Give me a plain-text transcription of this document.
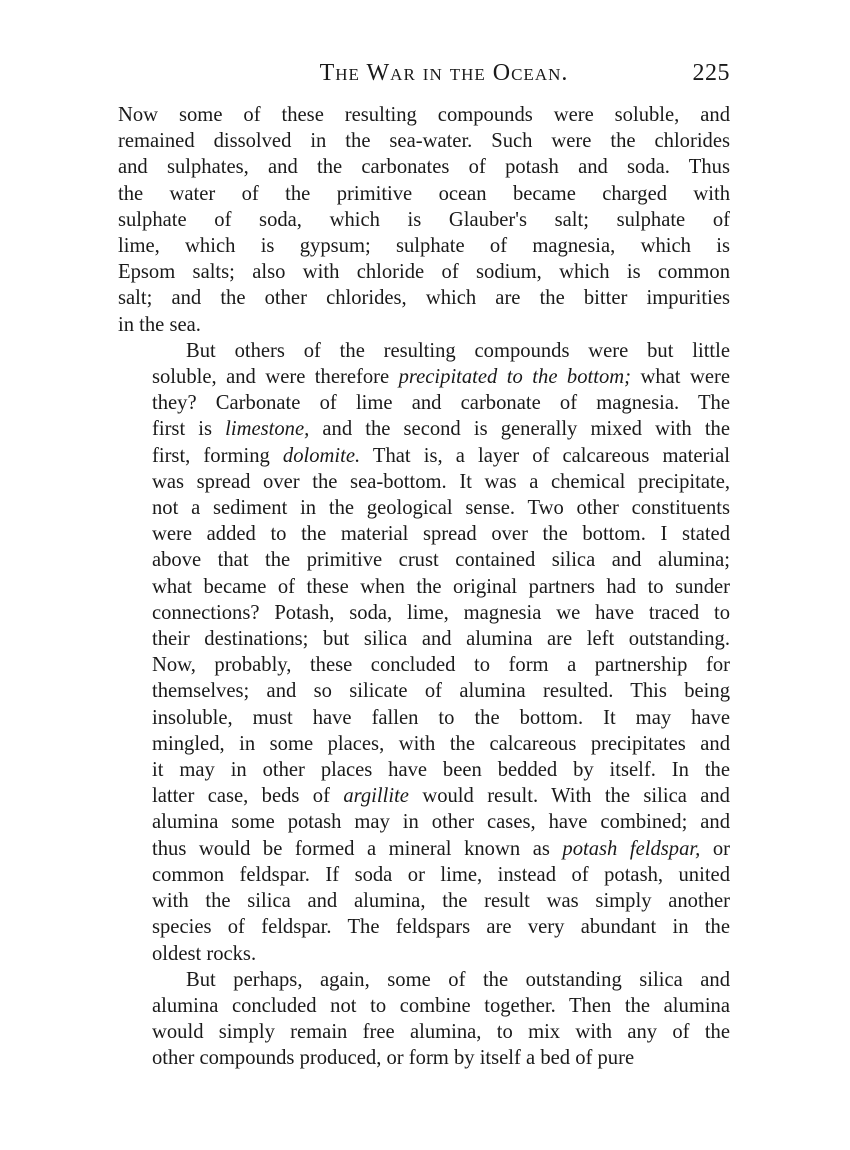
The War in the Ocean.	225
Now some of these resulting compounds were soluble, and
remained dissolved in the sea-water. Such were the chlorides
and sulphates, and the carbonates of potash and soda. Thus
the water of the primitive ocean became charged with
sulphate of soda, which is Glauber's salt; sulphate of
lime, which is gypsum; sulphate of magnesia, which is
Epsom salts; also with chloride of sodium, which is common
salt; and the other chlorides, which are the bitter impurities
in the sea.
But others of the resulting compounds were but little
soluble, and were therefore precipitated to the bottom; what were
they? Carbonate of lime and carbonate of magnesia. The
first is limestone, and the second is generally mixed with the
first, forming dolomite. That is, a layer of calcareous material
was spread over the sea-bottom. It was a chemical precipitate,
not a sediment in the geological sense. Two other constituents
were added to the material spread over the bottom. I stated
above that the primitive crust contained silica and alumina;
what became of these when the original partners had to sunder
connections? Potash, soda, lime, magnesia we have traced to
their destinations; but silica and alumina are left outstanding.
Now, probably, these concluded to form a partnership for
themselves; and so silicate of alumina resulted. This being
insoluble, must have fallen to the bottom. It may have
mingled, in some places, with the calcareous precipitates and
it may in other places have been bedded by itself. In the
latter case, beds of argillite would result. With the silica and
alumina some potash may in other cases, have combined; and
thus would be formed a mineral known as potash feldspar, or
common feldspar. If soda or lime, instead of potash, united
with the silica and alumina, the result was simply another
species of feldspar. The feldspars are very abundant in the
oldest rocks.
But perhaps, again, some of the outstanding silica and
alumina concluded not to combine together. Then the alumina
would simply remain free alumina, to mix with any of the
other compounds produced, or form by itself a bed of pure
